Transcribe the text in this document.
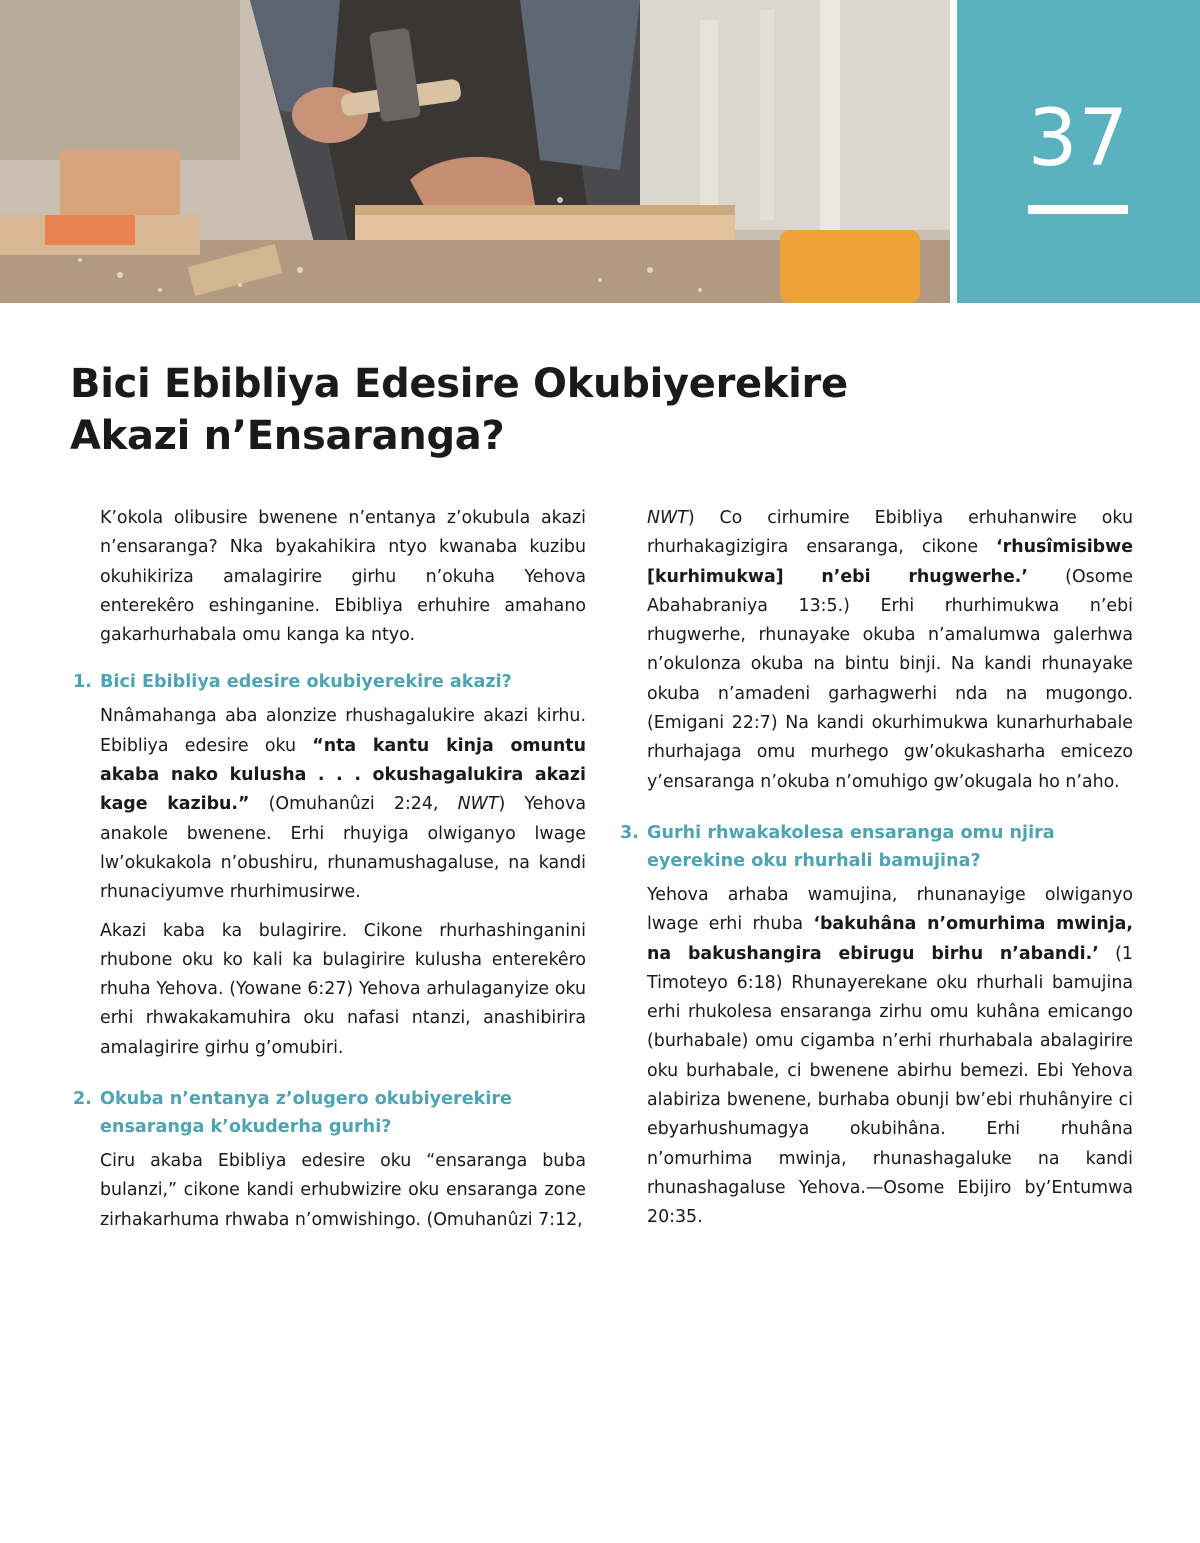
37
Bici Ebibliya Edesire Okubiyerekire
Akazi n’Ensaranga?

K’okola olibusire bwenene n’entanya z’okubula akazi n’ensaranga? Nka byakahikira ntyo kwanaba kuzibu okuhikiriza amalagirire girhu n’okuha Yehova enterekêro eshinganine. Ebibliya erhuhire amahano gakarhurhabala omu kanga ka ntyo.

1. Bici Ebibliya edesire okubiyerekire akazi?

Nnâmahanga aba alonzize rhushagalukire akazi kirhu. Ebibliya edesire oku “nta kantu kinja omuntu akaba nako kulusha . . . okushagalukira akazi kage kazibu.” (Omuhanûzi 2:24, NWT) Yehova anakole bwenene. Erhi rhuyiga olwiganyo lwage lw’okukakola n’obushiru, rhunamushagaluse, na kandi rhunaciyumve rhurhimusirwe.

Akazi kaba ka bulagirire. Cikone rhurhashinganini rhubone oku ko kali ka bulagirire kulusha enterekêro rhuha Yehova. (Yowane 6:27) Yehova arhulaganyize oku erhi rhwakakamuhira oku nafasi ntanzi, anashibirira amalagirire girhu g’omubiri.

2. Okuba n’entanya z’olugero okubiyerekire ensaranga k’okuderha gurhi?

Ciru akaba Ebibliya edesire oku “ensaranga buba bulanzi,” cikone kandi erhubwizire oku ensaranga zone zirhakarhuma rhwaba n’omwishingo. (Omuhanûzi 7:12,

NWT) Co cirhumire Ebibliya erhuhanwire oku rhurhakagizigira ensaranga, cikone ‘rhusîmisibwe [kurhimukwa] n’ebi rhugwerhe.’ (Osome Abahabraniya 13:5.) Erhi rhurhimukwa n’ebi rhugwerhe, rhunayake okuba n’amalumwa galerhwa n’okulonza okuba na bintu binji. Na kandi rhunayake okuba n’amadeni garhagwerhi nda na mugongo. (Emigani 22:7) Na kandi okurhimukwa kunarhurhabale rhurhajaga omu murhego gw’okukasharha emicezo y’ensaranga n’okuba n’omuhigo gw’okugala ho n’aho.

3. Gurhi rhwakakolesa ensaranga omu njira eyerekine oku rhurhali bamujina?

Yehova arhaba wamujina, rhunanayige olwiganyo lwage erhi rhuba ‘bakuhâna n’omurhima mwinja, na bakushangira ebirugu birhu n’abandi.’ (1 Timoteyo 6:18) Rhunayerekane oku rhurhali bamujina erhi rhukolesa ensaranga zirhu omu kuhâna emicango (burhabale) omu cigamba n’erhi rhurhabala abalagirire oku burhabale, ci bwenene abirhu bemezi. Ebi Yehova alabiriza bwenene, burhaba obunji bw’ebi rhuhânyire ci ebyarhushumagya okubihâna. Erhi rhuhâna n’omurhima mwinja, rhunashagaluke na kandi rhunashagaluse Yehova.—Osome Ebijiro by’Entumwa 20:35.
